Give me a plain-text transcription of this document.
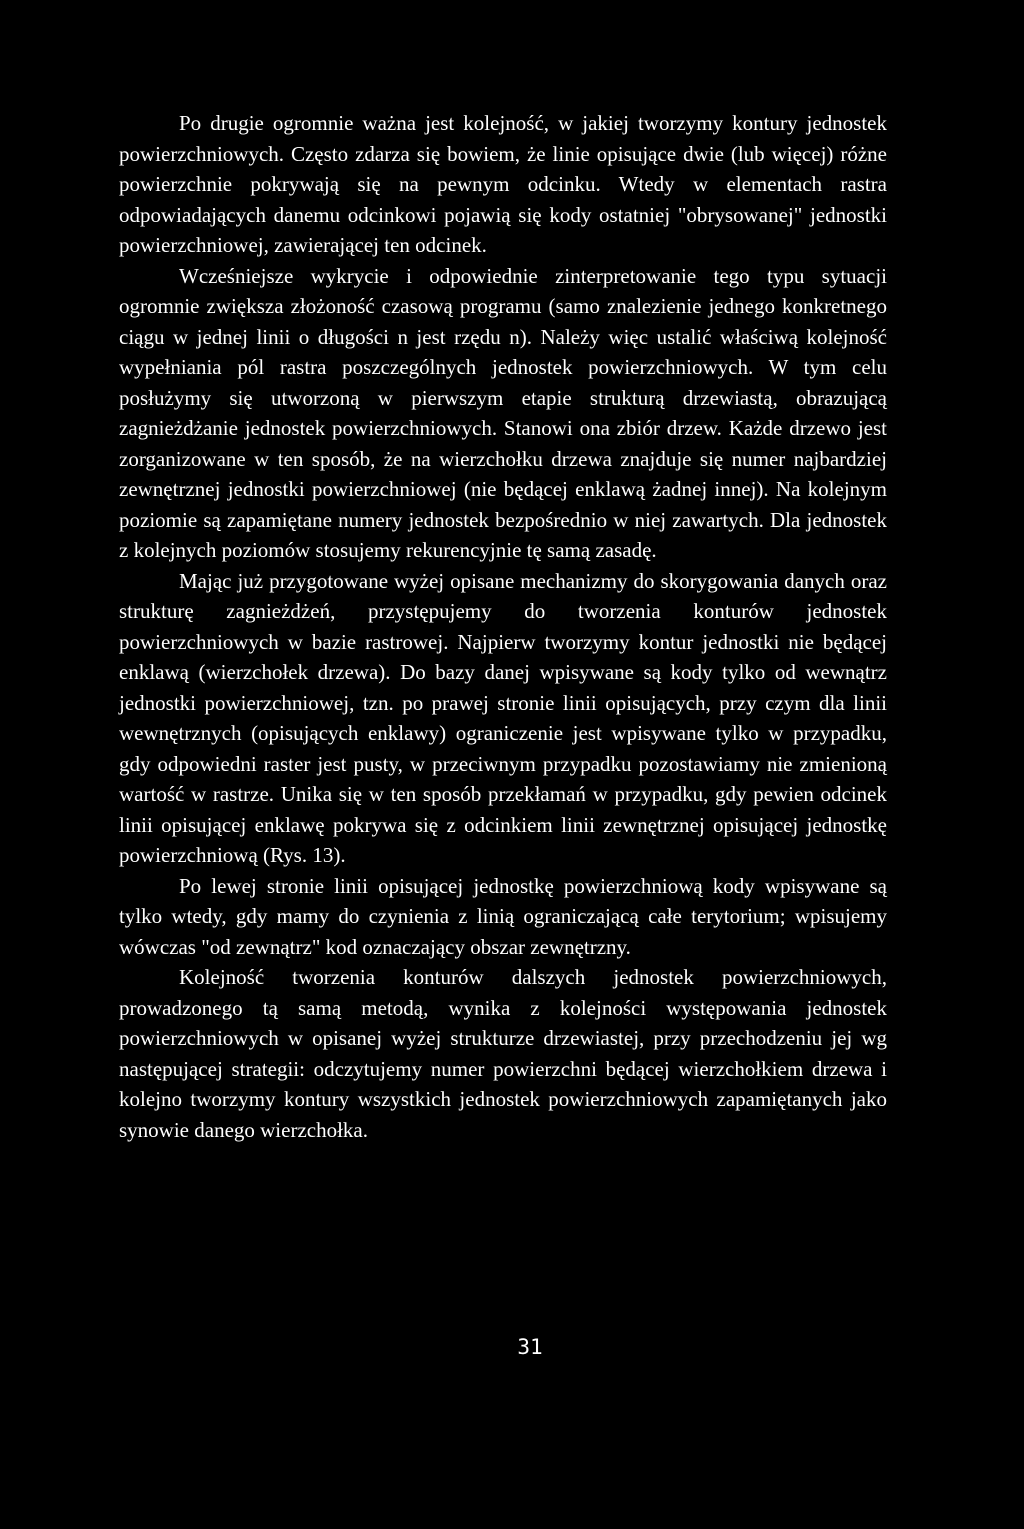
Po drugie ogromnie ważna jest kolejność, w jakiej tworzymy kontury jednostek powierzchniowych. Często zdarza się bowiem, że linie opisujące dwie (lub więcej) różne powierzchnie pokrywają się na pewnym odcinku. Wtedy w elementach rastra odpowiadających danemu odcinkowi pojawią się kody ostatniej "obrysowanej" jednostki powierzchniowej, zawierającej ten odcinek.

Wcześniejsze wykrycie i odpowiednie zinterpretowanie tego typu sytuacji ogromnie zwiększa złożoność czasową programu (samo znalezienie jednego konkretnego ciągu w jednej linii o długości n jest rzędu n). Należy więc ustalić właściwą kolejność wypełniania pól rastra poszczególnych jednostek powierzchniowych. W tym celu posłużymy się utworzoną w pierwszym etapie strukturą drzewiastą, obrazującą zagnieżdżanie jednostek powierzchniowych. Stanowi ona zbiór drzew. Każde drzewo jest zorganizowane w ten sposób, że na wierzchołku drzewa znajduje się numer najbardziej zewnętrznej jednostki powierzchniowej (nie będącej enklawą żadnej innej). Na kolejnym poziomie są zapamiętane numery jednostek bezpośrednio w niej zawartych. Dla jednostek z kolejnych poziomów stosujemy rekurencyjnie tę samą zasadę.

Mając już przygotowane wyżej opisane mechanizmy do skorygowania danych oraz strukturę zagnieżdżeń, przystępujemy do tworzenia konturów jednostek powierzchniowych w bazie rastrowej. Najpierw tworzymy kontur jednostki nie będącej enklawą (wierzchołek drzewa). Do bazy danej wpisywane są kody tylko od wewnątrz jednostki powierzchniowej, tzn. po prawej stronie linii opisujących, przy czym dla linii wewnętrznych (opisujących enklawy) ograniczenie jest wpisywane tylko w przypadku, gdy odpowiedni raster jest pusty, w przeciwnym przypadku pozostawiamy nie zmienioną wartość w rastrze. Unika się w ten sposób przekłamań w przypadku, gdy pewien odcinek linii opisującej enklawę pokrywa się z odcinkiem linii zewnętrznej opisującej jednostkę powierzchniową (Rys. 13).

Po lewej stronie linii opisującej jednostkę powierzchniową kody wpisywane są tylko wtedy, gdy mamy do czynienia z linią ograniczającą całe terytorium; wpisujemy wówczas "od zewnątrz" kod oznaczający obszar zewnętrzny.

Kolejność tworzenia konturów dalszych jednostek powierzchniowych, prowadzonego tą samą metodą, wynika z kolejności występowania jednostek powierzchniowych w opisanej wyżej strukturze drzewiastej, przy przechodzeniu jej wg następującej strategii: odczytujemy numer powierzchni będącej wierzchołkiem drzewa i kolejno tworzymy kontury wszystkich jednostek powierzchniowych zapamiętanych jako synowie danego wierzchołka.

31
